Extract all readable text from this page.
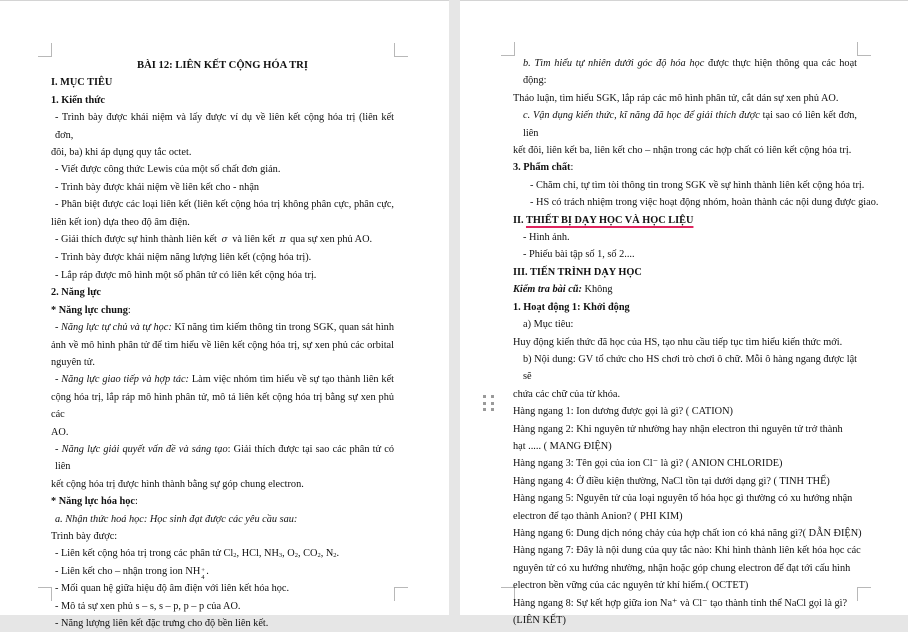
BÀI 12: LIÊN KẾT CỘNG HÓA TRỊ
I. MỤC TIÊU
1. Kiến thức
- Trình bày được khái niệm và lấy được ví dụ về liên kết cộng hóa trị (liên kết đơn,
đôi, ba) khi áp dụng quy tắc octet.
- Viết được công thức Lewis của một số chất đơn giản.
- Trình bày được khái niệm về liên kết cho - nhận
- Phân biệt được các loại liên kết (liên kết cộng hóa trị không phân cực, phân cực,
liên kết ion) dựa theo độ âm điện.
- Giải thích được sự hình thành liên kết σ và liên kết π qua sự xen phủ AO.
- Trình bày được khái niệm năng lượng liên kết (cộng hóa trị).
- Lắp ráp được mô hình một số phân tử có liên kết cộng hóa trị.
2. Năng lực
* Năng lực chung:
- Năng lực tự chủ và tự học: Kĩ năng tìm kiếm thông tin trong SGK, quan sát hình
ảnh về mô hình phân tử để tìm hiểu về liên kết cộng hóa trị, sự xen phủ các orbital
nguyên tử.
- Năng lực giao tiếp và hợp tác: Làm việc nhóm tìm hiểu về sự tạo thành liên kết
cộng hóa trị, lắp ráp mô hình phân tử, mô tả liên kết cộng hóa trị bằng sự xen phủ các
AO.
- Năng lực giải quyết vấn đề và sáng tạo: Giải thích được tại sao các phân tử có liên
kết cộng hóa trị được hình thành bằng sự góp chung electron.
* Năng lực hóa học:
a. Nhận thức hoá học: Học sinh đạt được các yêu cầu sau:
Trình bày được:
- Liên kết cộng hóa trị trong các phân tử $Cl_2$, HCl, $NH_3$, $O_2$, $CO_2$, $N_2$.
- Liên kết cho – nhận trong ion NH +
4
.
- Mối quan hệ giữa hiệu độ âm điện với liên kết hóa học.
- Mô tả sự xen phủ s – s, s – p, p – p của AO.
- Năng lượng liên kết đặc trưng cho độ bền liên kết.
b. Tìm hiểu tự nhiên dưới góc độ hóa học được thực hiện thông qua các hoạt động:
Thảo luận, tìm hiểu SGK, lắp ráp các mô hình phân tử, cắt dán sự xen phủ AO.
c. Vận dụng kiến thức, kĩ năng đã học để giải thích được tại sao có liên kết đơn, liên
kết đôi, liên kết ba, liên kết cho – nhận trong các hợp chất có liên kết cộng hóa trị.
3. Phẩm chất:
- Chăm chỉ, tự tìm tòi thông tin trong SGK về sự hình thành liên kết cộng hóa trị.
- HS có trách nhiệm trong việc hoạt động nhóm, hoàn thành các nội dung được giao.
II. THIẾT BỊ DẠY HỌC VÀ HỌC LIỆU
- Hình ảnh.
- Phiếu bài tập số 1, số 2....
III. TIẾN TRÌNH DẠY HỌC
Kiểm tra bài cũ: Không
1. Hoạt động 1: Khởi động
a) Mục tiêu:
Huy động kiến thức đã học của HS, tạo nhu cầu tiếp tục tìm hiểu kiến thức mới.
b) Nội dung: GV tổ chức cho HS chơi trò chơi ô chữ. Mỗi ô hàng ngang được lật sẽ
chứa các chữ của từ khóa.
Hàng ngang 1: Ion dương được gọi là gì? ( CATION)
Hàng ngang 2: Khi nguyên tử nhường hay nhận electron thì nguyên tử trở thành
hạt ..... ( MANG ĐIỆN)
Hàng ngang 3: Tên gọi của ion Cl⁻ là gì? ( ANION CHLORIDE)
Hàng ngang 4: Ở điều kiện thường, NaCl tồn tại dưới dạng gì? ( TINH THỂ)
Hàng ngang 5: Nguyên tử của loại nguyên tố hóa học gì thường có xu hướng nhận
electron để tạo thành Anion? ( PHI KIM)
Hàng ngang 6: Dung dịch nóng chảy của hợp chất ion có khả năng gì?( DẪN ĐIỆN)
Hàng ngang 7: Đây là nội dung của quy tắc nào: Khi hình thành liên kết hóa học các
nguyên tử có xu hướng nhường, nhận hoặc góp chung electron để đạt tới cấu hình
electron bền vững của các nguyên tử khí hiếm.( OCTET)
Hàng ngang 8: Sự kết hợp giữa ion Na⁺ và Cl⁻ tạo thành tinh thể NaCl gọi là gì?
(LIÊN KẾT)
